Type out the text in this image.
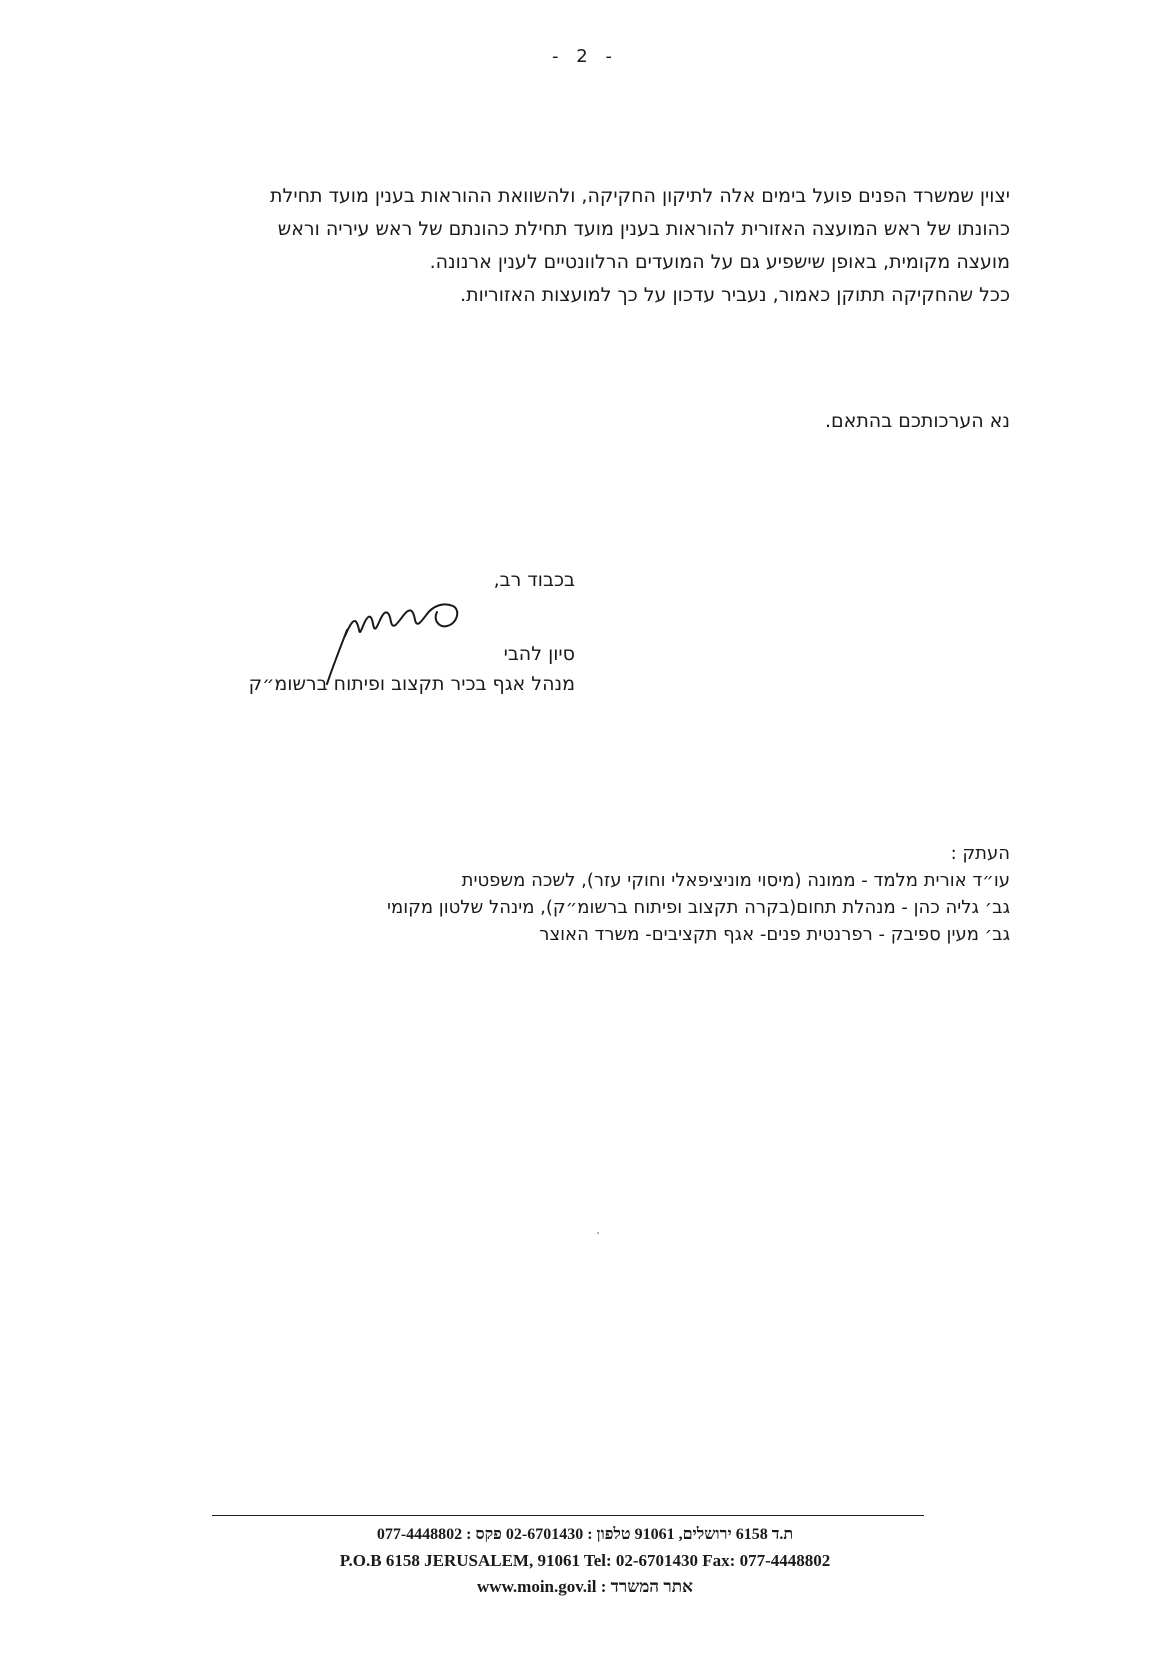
- 2 -

יצוין שמשרד הפנים פועל בימים אלה לתיקון החקיקה, ולהשוואת ההוראות בענין מועד תחילת

כהונתו של ראש המועצה האזורית להוראות בענין מועד תחילת כהונתם של ראש עיריה וראש

מועצה מקומית, באופן שישפיע גם על המועדים הרלוונטיים לענין ארנונה.

ככל שהחקיקה תתוקן כאמור, נעביר עדכון על כך למועצות האזוריות.

נא הערכותכם בהתאם.
בכבוד רב,
סיון להבי
מנהל אגף בכיר תקצוב ופיתוח ברשומ״ק
העתק :
עו״ד אורית מלמד - ממונה (מיסוי מוניציפאלי וחוקי עזר), לשכה משפטית
גב׳ גליה כהן - מנהלת תחום(בקרה תקצוב ופיתוח ברשומ״ק), מינהל שלטון מקומי
גב׳ מעין ספיבק - רפרנטית פנים- אגף תקציבים- משרד האוצר
ת.ד 6158 ירושלים, 91061 טלפון : 02-6701430 פקס : 077-4448802
P.O.B 6158 JERUSALEM, 91061 Tel: 02-6701430 Fax: 077-4448802
www.moin.gov.il : אתר המשרד
